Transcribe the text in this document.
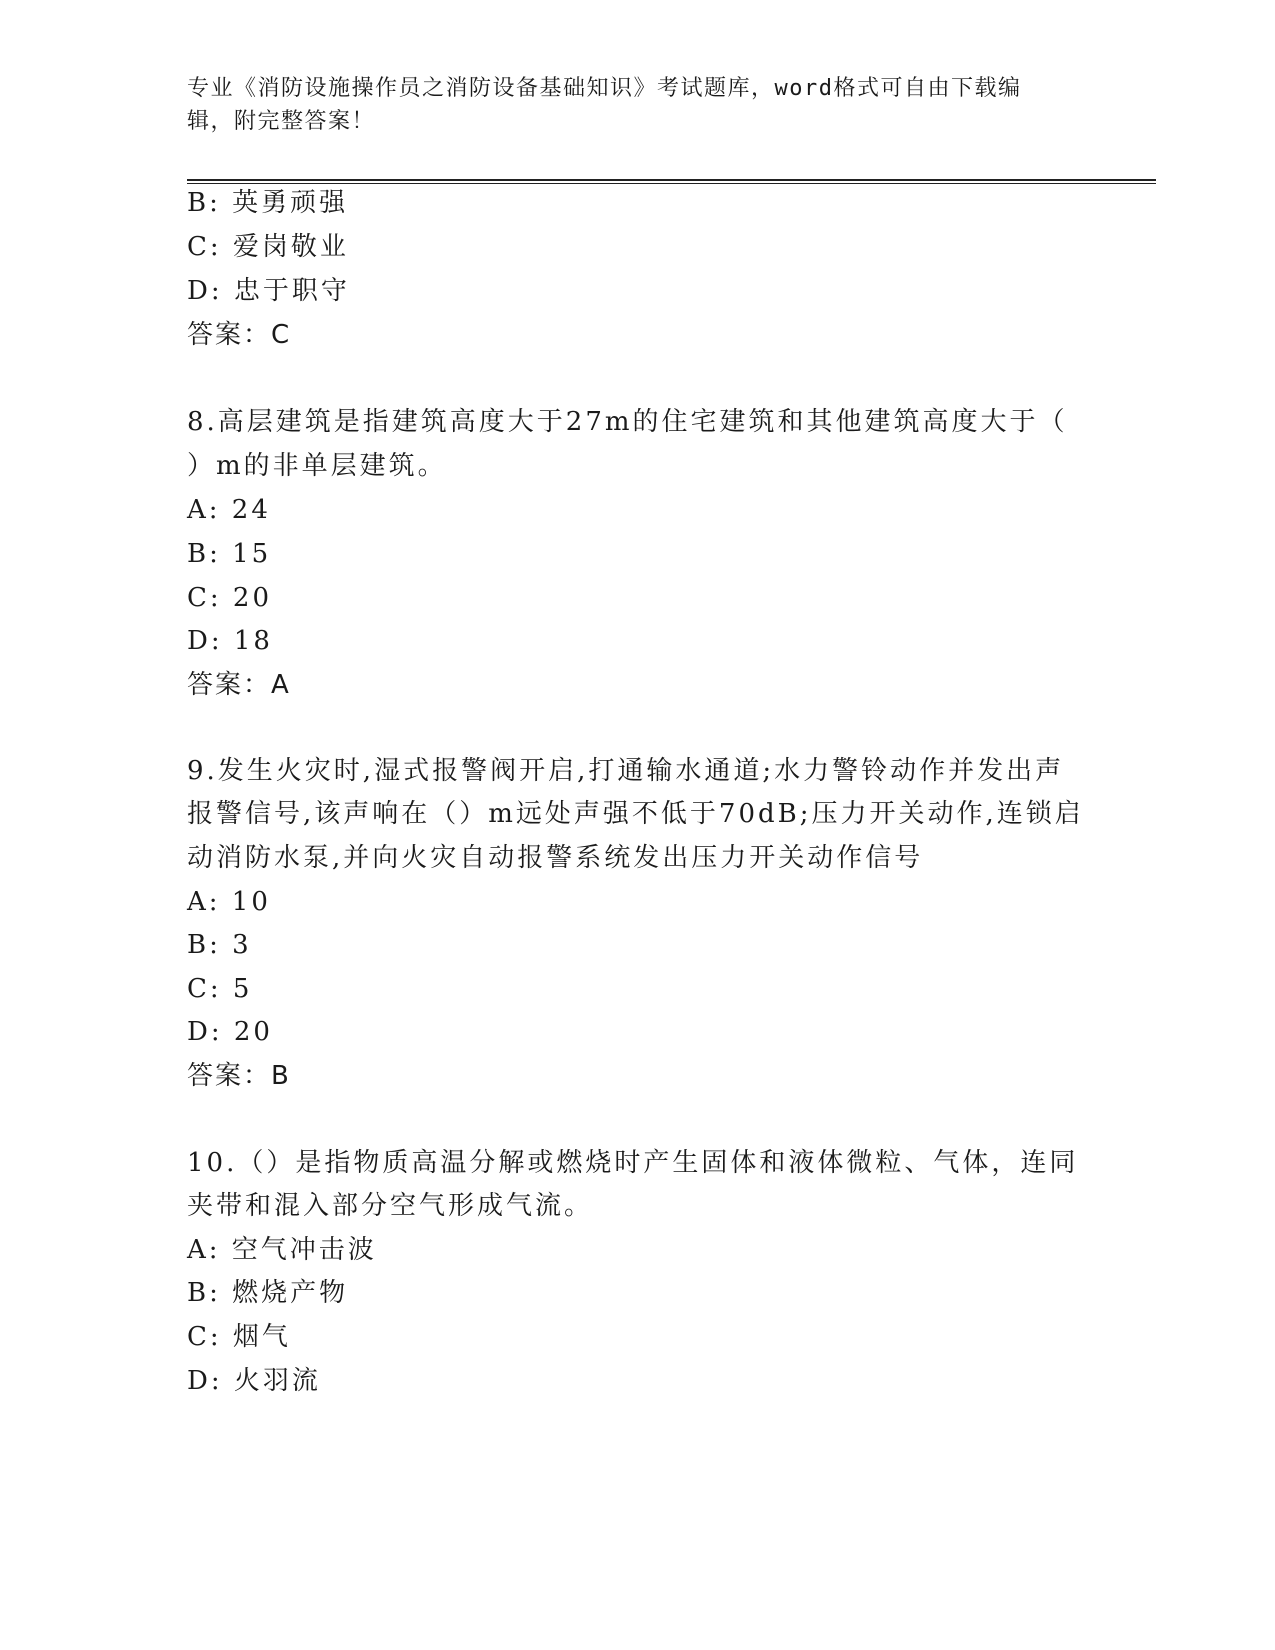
专业《消防设施操作员之消防设备基础知识》考试题库，word格式可自由下载编
辑，附完整答案！
B: 英勇顽强
C: 爱岗敬业
D: 忠于职守
答案：C
8.高层建筑是指建筑高度大于27m的住宅建筑和其他建筑高度大于（
）m的非单层建筑。
A: 24
B: 15
C: 20
D: 18
答案：A
9.发生火灾时,湿式报警阀开启,打通输水通道;水力警铃动作并发出声
报警信号,该声响在（）m远处声强不低于70dB;压力开关动作,连锁启
动消防水泵,并向火灾自动报警系统发出压力开关动作信号
A: 10
B: 3
C: 5
D: 20
答案：B
10.（）是指物质高温分解或燃烧时产生固体和液体微粒、气体，连同
夹带和混入部分空气形成气流。
A: 空气冲击波
B: 燃烧产物
C: 烟气
D: 火羽流
